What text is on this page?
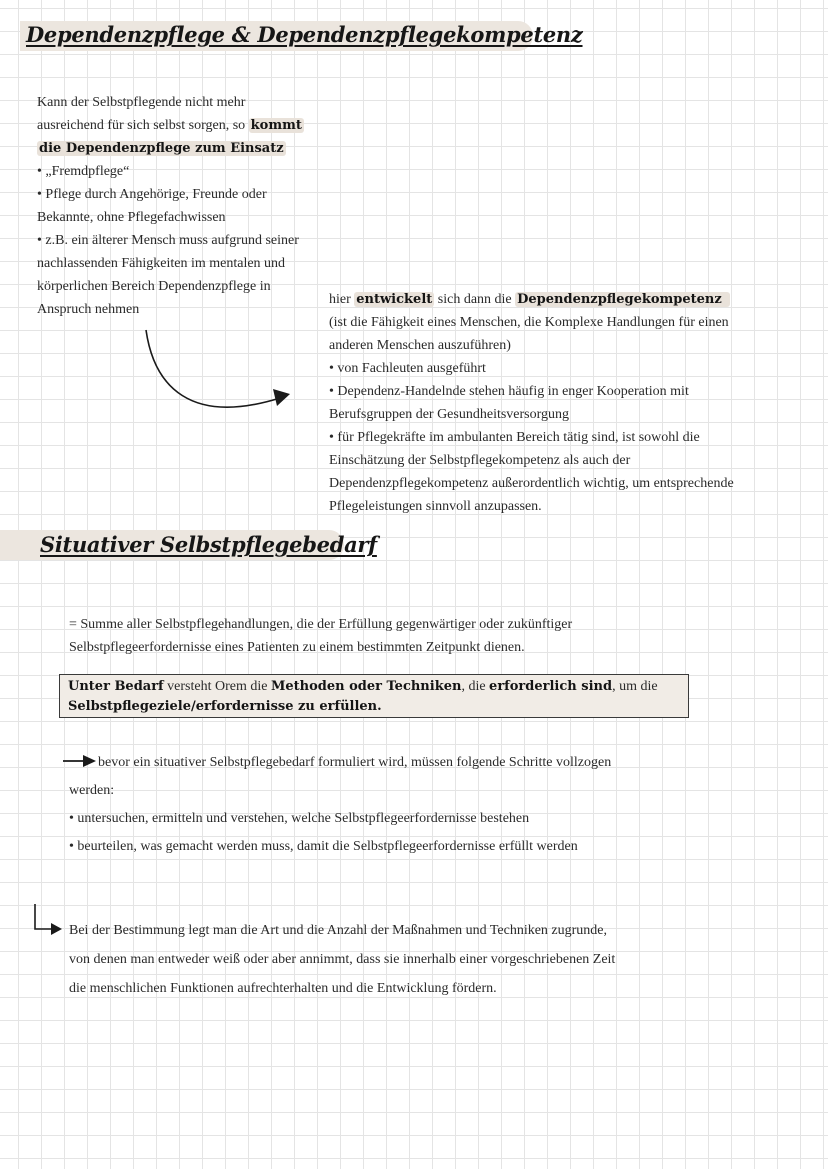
Dependenzpflege & Dependenzpflegekompetenz
Kann der Selbstpflegende nicht mehr
ausreichend für sich selbst sorgen, so kommt
die Dependenzpflege zum Einsatz
• „Fremdpflege“
• Pflege durch Angehörige, Freunde oder
Bekannte, ohne Pflegefachwissen
• z.B. ein älterer Mensch muss aufgrund seiner
nachlassenden Fähigkeiten im mentalen und
körperlichen Bereich Dependenzpflege in
Anspruch nehmen
hier entwickelt sich dann die Dependenzpflegekompetenz
(ist die Fähigkeit eines Menschen, die Komplexe Handlungen für einen
anderen Menschen auszuführen)
• von Fachleuten ausgeführt
• Dependenz-Handelnde stehen häufig in enger Kooperation mit
Berufsgruppen der Gesundheitsversorgung
• für Pflegekräfte im ambulanten Bereich tätig sind, ist sowohl die
Einschätzung der Selbstpflegekompetenz als auch der
Dependenzpflegekompetenz außerordentlich wichtig, um entsprechende
Pflegeleistungen sinnvoll anzupassen.
Situativer Selbstpflegebedarf
= Summe aller Selbstpflegehandlungen, die der Erfüllung gegenwärtiger oder zukünftiger
Selbstpflegeerfordernisse eines Patienten zu einem bestimmten Zeitpunkt dienen.
Unter Bedarf versteht Orem die Methoden oder Techniken, die erforderlich sind, um die
Selbstpflegeziele/erfordernisse zu erfüllen.
bevor ein situativer Selbstpflegebedarf formuliert wird, müssen folgende Schritte vollzogen
werden:
• untersuchen, ermitteln und verstehen, welche Selbstpflegeerfordernisse bestehen
• beurteilen, was gemacht werden muss, damit die Selbstpflegeerfordernisse erfüllt werden
Bei der Bestimmung legt man die Art und die Anzahl der Maßnahmen und Techniken zugrunde,
von denen man entweder weiß oder aber annimmt, dass sie innerhalb einer vorgeschriebenen Zeit
die menschlichen Funktionen aufrechterhalten und die Entwicklung fördern.
